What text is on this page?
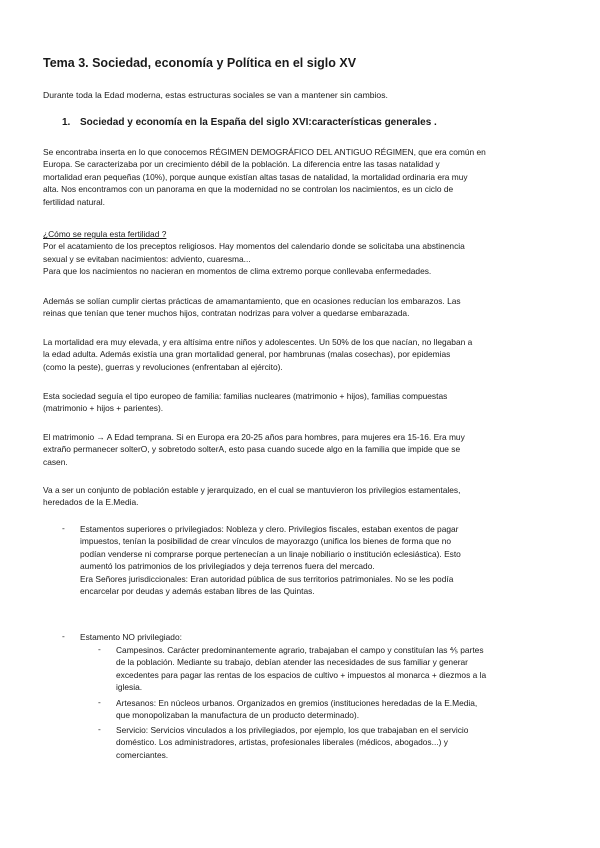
Tema 3. Sociedad, economía y Política en el siglo XV
Durante toda la Edad moderna, estas estructuras sociales se van a mantener sin cambios.
1. Sociedad y economía en la España del siglo XVI:características generales .
Se encontraba inserta en lo que conocemos RÉGIMEN DEMOGRÁFICO DEL ANTIGUO RÉGIMEN, que era común en
Europa. Se caracterizaba por un crecimiento débil de la población. La diferencia entre las tasas natalidad y
mortalidad eran pequeñas (10%), porque aunque existían altas tasas de natalidad, la mortalidad ordinaria era muy
alta. Nos encontramos con un panorama en que la modernidad no se controlan los nacimientos, es un ciclo de
fertilidad natural.
¿Cómo se regula esta fertilidad ?
Por el acatamiento de los preceptos religiosos. Hay momentos del calendario donde se solicitaba una abstinencia
sexual y se evitaban nacimientos: adviento, cuaresma...
Para que los nacimientos no nacieran en momentos de clima extremo porque conllevaba enfermedades.
Además se solían cumplir ciertas prácticas de amamantamiento, que en ocasiones reducían los embarazos. Las
reinas que tenían que tener muchos hijos, contratan nodrizas para volver a quedarse embarazada.
La mortalidad era muy elevada, y era altísima entre niños y adolescentes. Un 50% de los que nacían, no llegaban a
la edad adulta. Además existía una gran mortalidad general, por hambrunas (malas cosechas), por epidemias
(como la peste), guerras y revoluciones (enfrentaban al ejército).
Esta sociedad seguía el tipo europeo de familia: familias nucleares (matrimonio + hijos), familias compuestas
(matrimonio + hijos + parientes).
El matrimonio → A Edad temprana. Si en Europa era 20-25 años para hombres, para mujeres era 15-16. Era muy
extraño permanecer solterO, y sobretodo solterA, esto pasa cuando sucede algo en la familia que impide que se
casen.
Va a ser un conjunto de población estable y jerarquizado, en el cual se mantuvieron los privilegios estamentales,
heredados de la E.Media.
- Estamentos superiores o privilegiados: Nobleza y clero. Privilegios fiscales, estaban exentos de pagar
impuestos, tenían la posibilidad de crear vínculos de mayorazgo (unifica los bienes de forma que no
podían venderse ni comprarse porque pertenecían a un linaje nobiliario o institución eclesiástica). Esto
aumentó los patrimonios de los privilegiados y deja terrenos fuera del mercado.
Era Señores jurisdiccionales: Eran autoridad pública de sus territorios patrimoniales. No se les podía
encarcelar por deudas y además estaban libres de las Quintas.
- Estamento NO privilegiado:
- Campesinos. Carácter predominantemente agrario, trabajaban el campo y constituían las ⅘ partes
de la población. Mediante su trabajo, debían atender las necesidades de sus familiar y generar
excedentes para pagar las rentas de los espacios de cultivo + impuestos al monarca + diezmos a la
iglesia.
- Artesanos: En núcleos urbanos. Organizados en gremios (instituciones heredadas de la E.Media,
que monopolizaban la manufactura de un producto determinado).
- Servicio: Servicios vinculados a los privilegiados, por ejemplo, los que trabajaban en el servicio
doméstico. Los administradores, artistas, profesionales liberales (médicos, abogados...) y
comerciantes.
